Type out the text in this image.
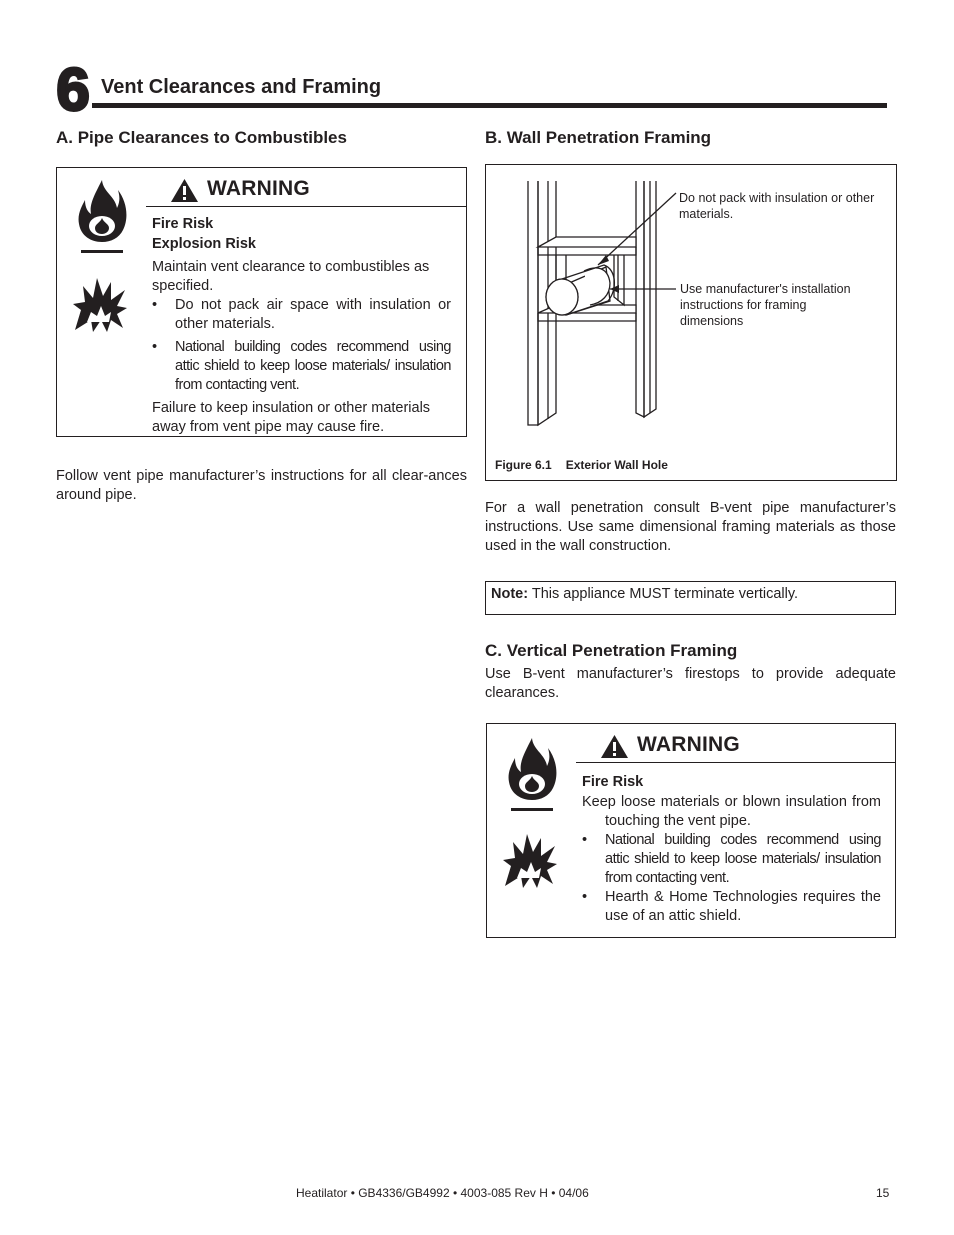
6 Vent Clearances and Framing
A. Pipe Clearances to Combustibles
WARNING

Fire Risk

Explosion Risk

Maintain vent clearance to combustibles as specified.

• Do not pack air space with insulation or other materials.
• National building codes recommend using attic shield to keep loose materials/ insulation from contacting vent.

Failure to keep insulation or other materials away from vent pipe may cause fire.

Follow vent pipe manufacturer’s instructions for all clear-ances around pipe.
B. Wall Penetration Framing
Do not pack with insulation or other materials.
Use manufacturer's installation instructions for framing dimensions
Figure 6.1 Exterior Wall Hole
For a wall penetration consult B-vent pipe manufacturer’s instructions. Use same dimensional framing materials as those used in the wall construction.
Note: This appliance MUST terminate vertically.
C. Vertical Penetration Framing
Use B-vent manufacturer’s firestops to provide adequate clearances.
WARNING

Fire Risk

Keep loose materials or blown insulation from touching the vent pipe.

• National building codes recommend using attic shield to keep loose materials/ insulation from contacting vent.
• Hearth & Home Technologies requires the use of an attic shield.
Heatilator • GB4336/GB4992 • 4003-085 Rev H • 04/06	15
